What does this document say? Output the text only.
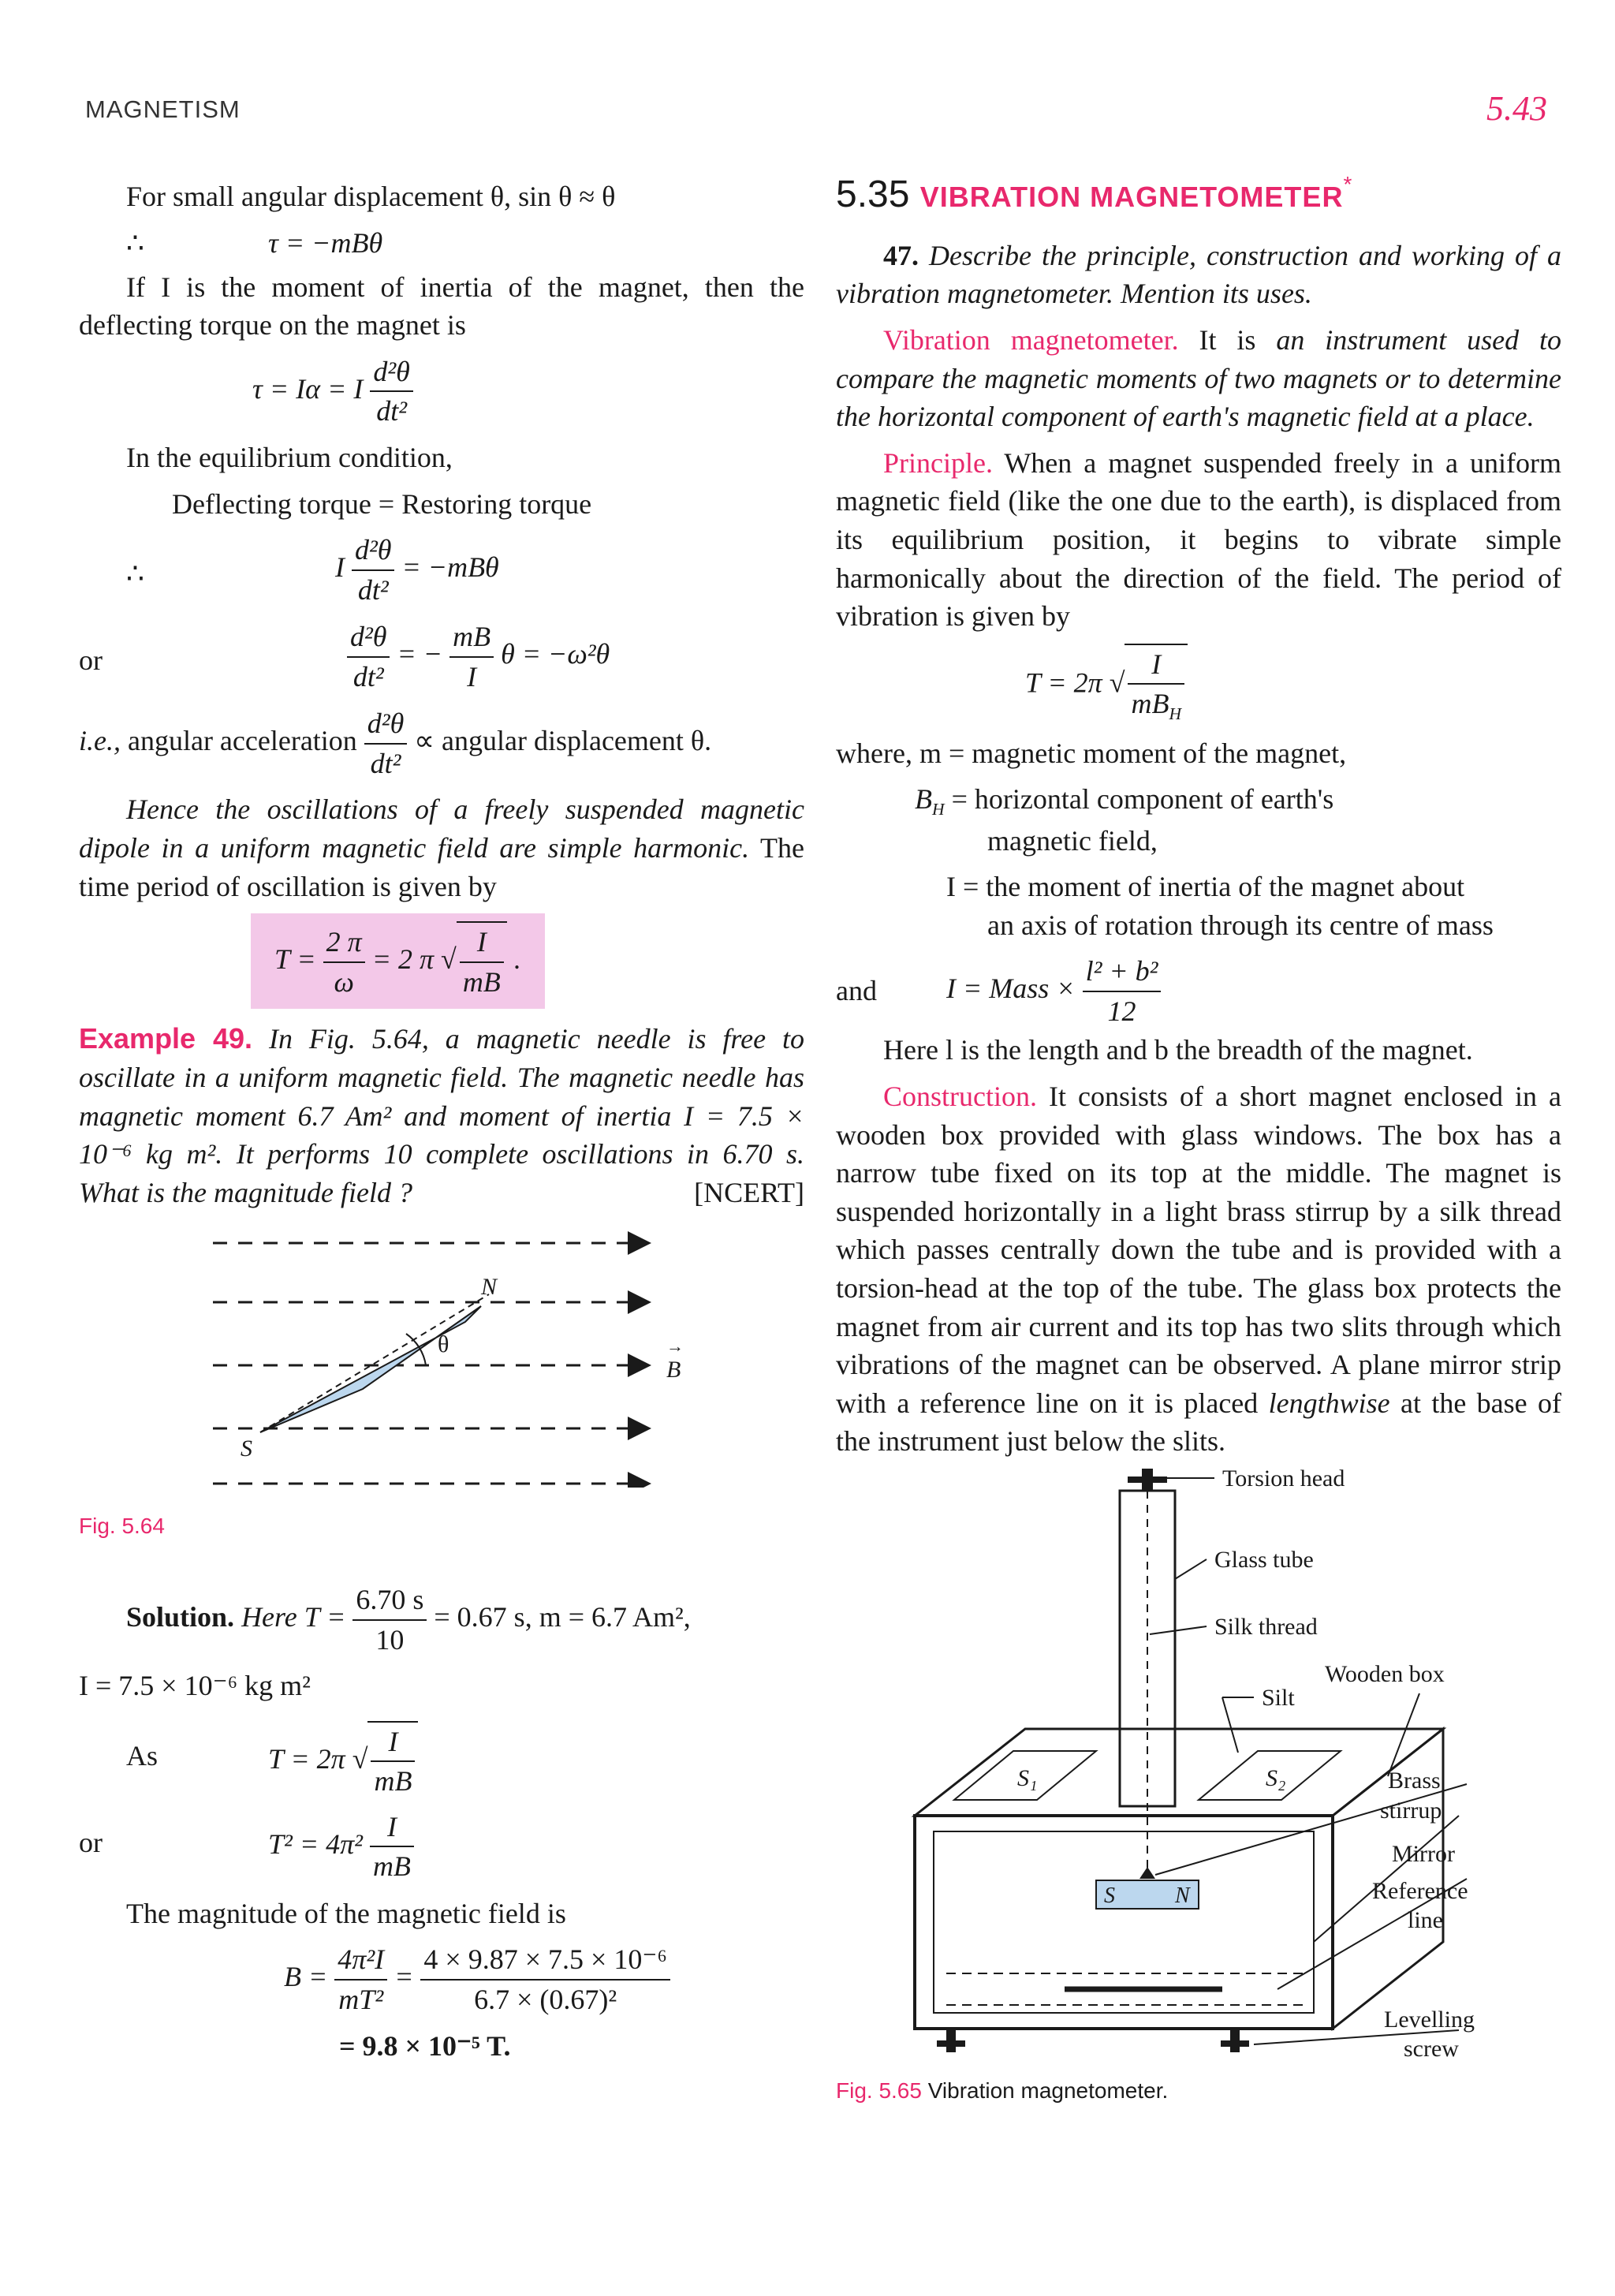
MAGNETISM	5.43

For small angular displacement θ, sin θ ≈ θ

∴	τ = −mBθ

If I is the moment of inertia of the magnet, then the deflecting torque on the magnet is

τ = Iα = I $\frac{\text{d²θ}}{\text{dt²}}$

In the equilibrium condition,

Deflecting torque = Restoring torque

∴	I $\frac{\text{d²θ}}{\text{dt²}} = -mB\theta$
or	$\frac{\text{d²θ}}{\text{dt²}}$ = − $\frac{mB}{I}$ θ = −ω²θ
i.e., angular acceleration $\frac{\text{d²θ}}{\text{dt²}}$ ∝ angular displacement θ.

Hence the oscillations of a freely suspended magnetic dipole in a uniform magnetic field are simple harmonic. The time period of oscillation is given by

$T = \frac{2 \pi}{\omega} = 2$ π √ $\frac{I}{mB}$ .

Example 49. In Fig. 5.64, a magnetic needle is free to oscillate in a uniform magnetic field. The magnetic needle has magnetic moment 6.7 Am² and moment of inertia I = 7.5 × 10⁻⁶ kg m². It performs 10 complete oscillations in 6.70 s. What is the magnitude field ?	[NCERT]

N
S
θ
B
→
Fig. 5.64
Solution. Here $T = \frac{6.70 s}{10} = 0.67$ s, m = 6.7 Am²,

I = 7.5 × 10⁻⁶ kg m²

As	T = 2π √ $\frac{I}{mB}$
or	$T^2 = 4\pi^2 \frac{I}{mB}$

The magnitude of the magnetic field is

$B = \frac{\text{4π²I}}{\text{mT²}} = \frac{\text{4 × 9.87 × 7.5 × 10⁻⁶}}{\text{6.7 × (0.67)²}}$

= 9.8 × 10⁻⁵ T.

5.35 VIBRATION MAGNETOMETER*

47. Describe the principle, construction and working of a vibration magnetometer. Mention its uses.

Vibration magnetometer. It is an instrument used to compare the magnetic moments of two magnets or to determine the horizontal component of earth's magnetic field at a place.

Principle. When a magnet suspended freely in a uniform magnetic field (like the one due to the earth), is displaced from its equilibrium position, it begins to vibrate simple harmonically about the direction of the field. The period of vibration is given by

T = 2π √ $\frac{I}{mB_H}$

where, m = magnetic moment of the magnet,

$B_H$ = horizontal component of earth's

magnetic field,

I = the moment of inertia of the magnet about

an axis of rotation through its centre of mass

and I = Mass × $\frac{\text{l² + b²}}{12}$

Here l is the length and b the breadth of the magnet.

Construction. It consists of a short magnet enclosed in a wooden box provided with glass windows. The box has a narrow tube fixed on its top at the middle. The magnet is suspended horizontally in a light brass stirrup by a silk thread which passes centrally down the tube and is provided with a torsion-head at the top of the tube. The glass box protects the magnet from air current and its top has two slits through which vibrations of the magnet can be observed. A plane mirror strip with a reference line on it is placed lengthwise at the base of the instrument just below the slits.

S₁	S₂
S	N
Torsion head
Glass tube
Silk thread
Silt
Wooden box
Brass
stirrup
Mirror
Reference
line
Levelling
screw
Fig. 5.65 Vibration magnetometer.
